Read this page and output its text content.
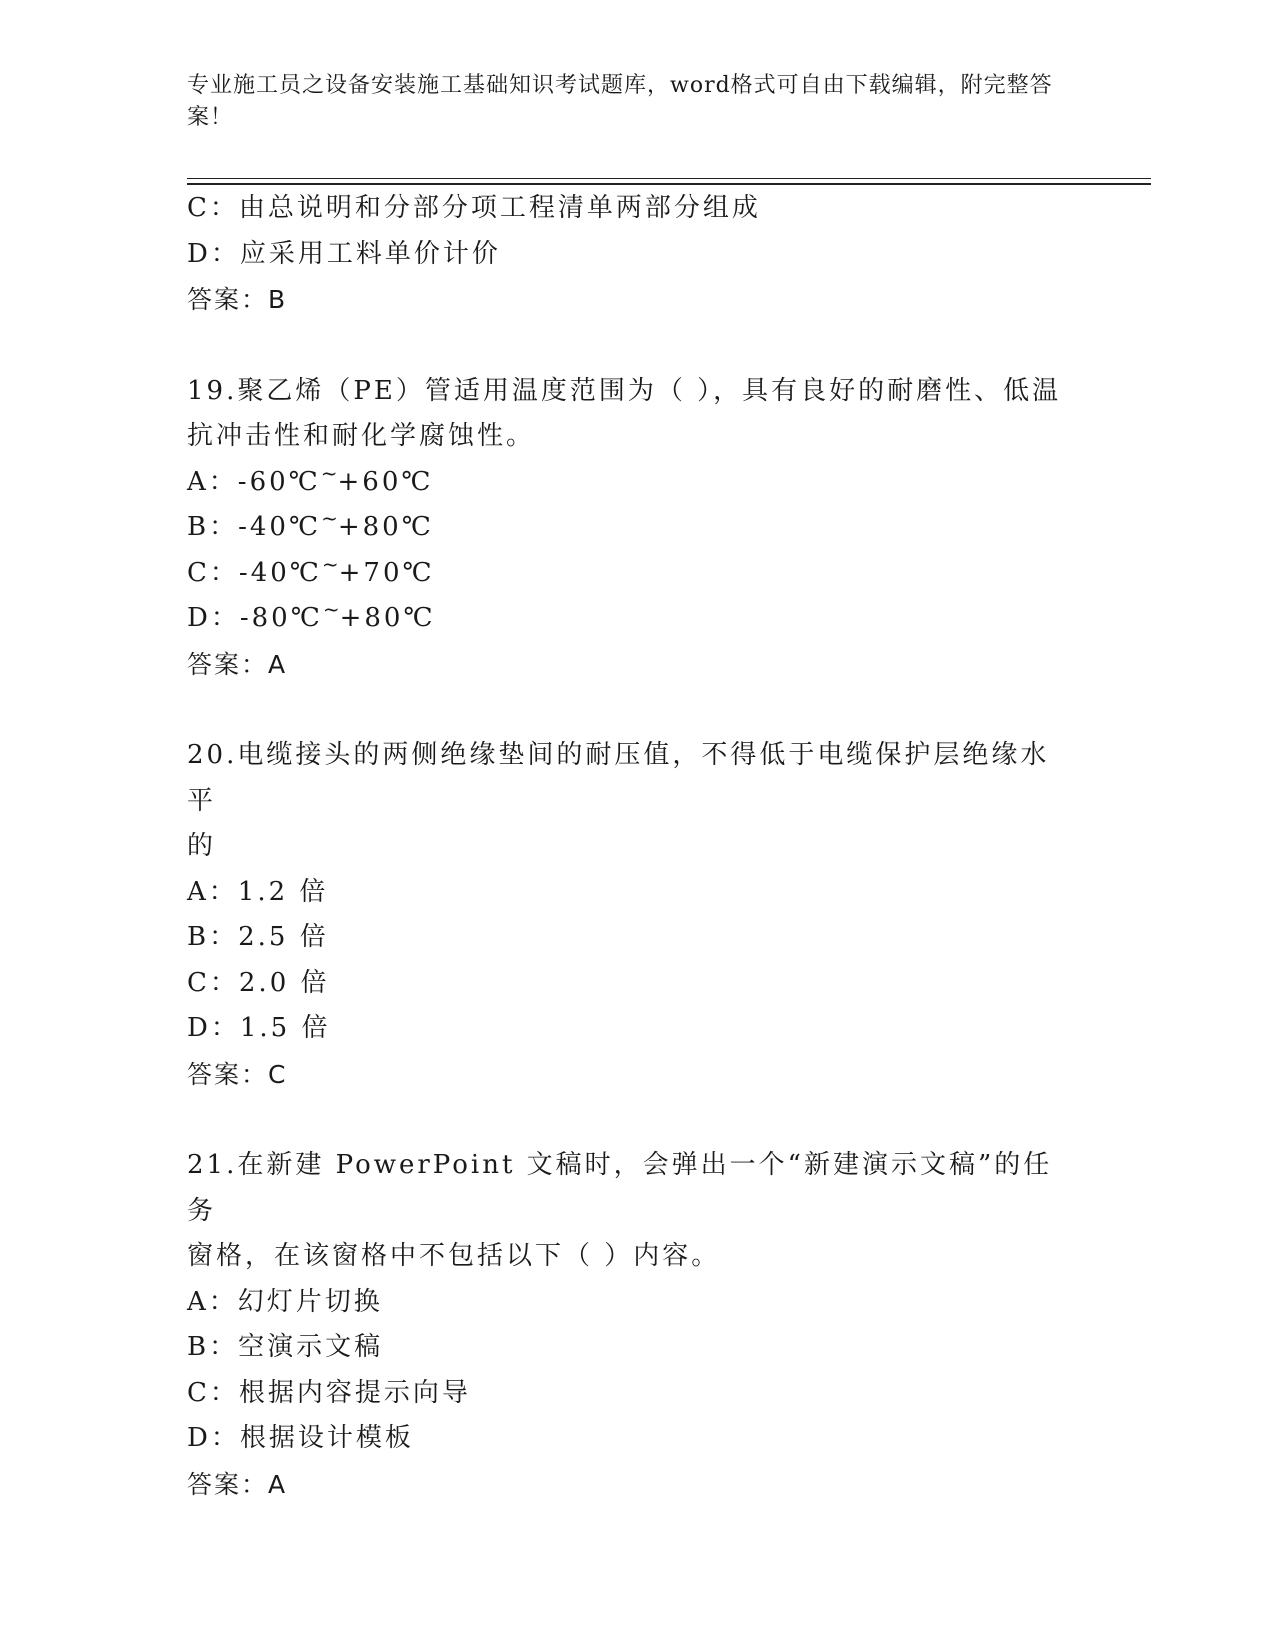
专业施工员之设备安装施工基础知识考试题库，word格式可自由下载编辑，附完整答案！
C：由总说明和分部分项工程清单两部分组成
D：应采用工料单价计价
答案：B
19.聚乙烯（PE）管适用温度范围为（ ），具有良好的耐磨性、低温
抗冲击性和耐化学腐蚀性。
A：-60℃~+60℃
B：-40℃~+80℃
C：-40℃~+70℃
D：-80℃~+80℃
答案：A
20.电缆接头的两侧绝缘垫间的耐压值，不得低于电缆保护层绝缘水平
的
A：1.2 倍
B：2.5 倍
C：2.0 倍
D：1.5 倍
答案：C
21.在新建 PowerPoint 文稿时，会弹出一个“新建演示文稿”的任务
窗格，在该窗格中不包括以下（ ）内容。
A：幻灯片切换
B：空演示文稿
C：根据内容提示向导
D：根据设计模板
答案：A
